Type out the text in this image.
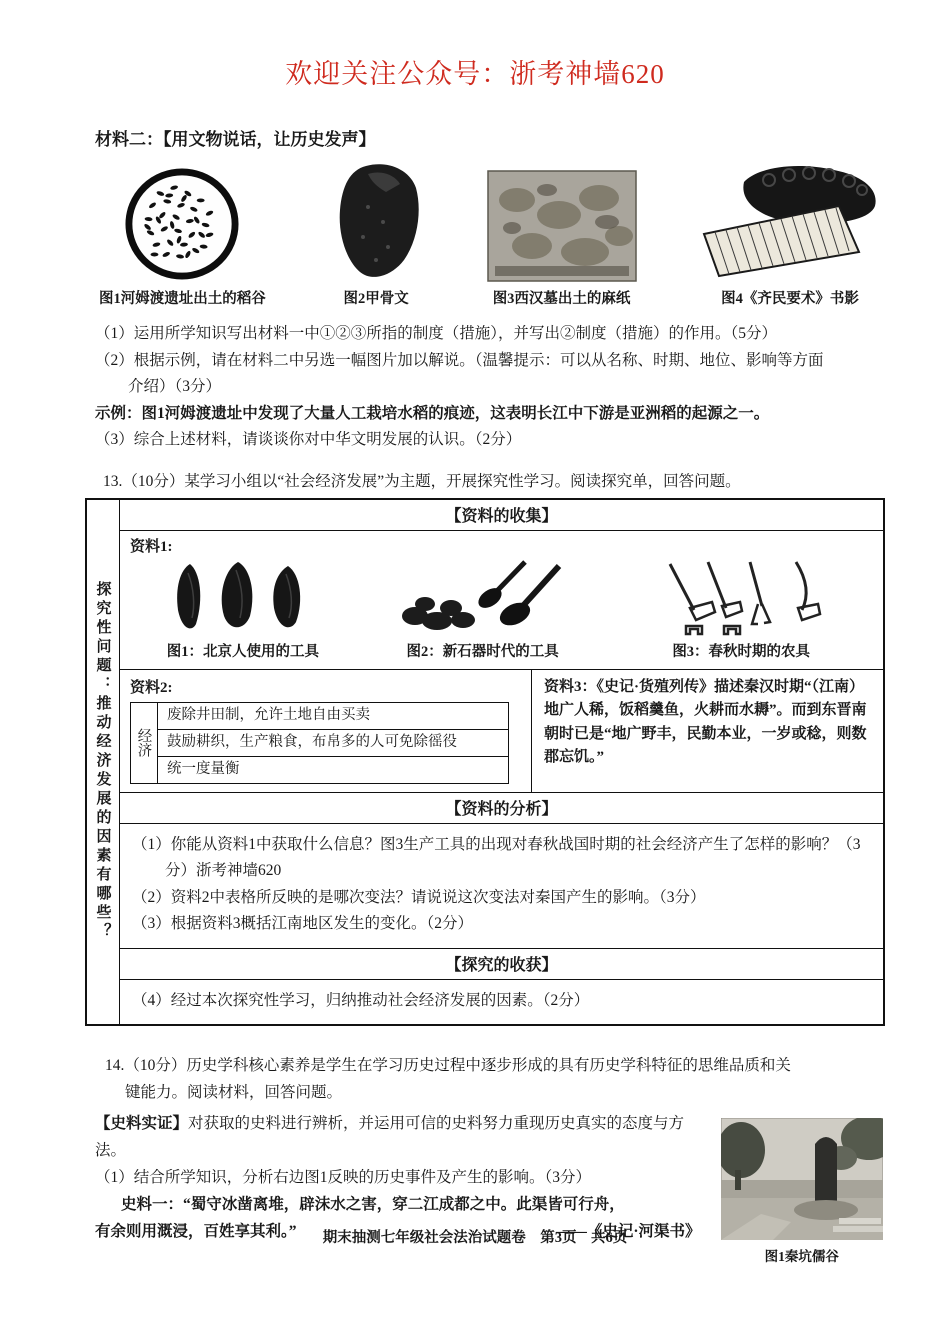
欢迎关注公众号：浙考神墙620
材料二：【用文物说话，让历史发声】
图1河姆渡遗址出土的稻谷	图2甲骨文	图3西汉墓出土的麻纸	图4《齐民要术》书影
（1）运用所学知识写出材料一中①②③所指的制度（措施），并写出②制度（措施）的作用。（5分）
（2）根据示例，请在材料二中另选一幅图片加以解说。（温馨提示：可以从名称、时期、地位、影响等方面介绍）（3分）
示例：图1河姆渡遗址中发现了大量人工栽培水稻的痕迹，这表明长江中下游是亚洲稻的起源之一。
（3）综合上述材料，请谈谈你对中华文明发展的认识。（2分）
13.（10分）某学习小组以“社会经济发展”为主题，开展探究性学习。阅读探究单，回答问题。
探究性问题：推动经济发展的因素有哪些？
【资料的收集】
资料1:
图1：北京人使用的工具	图2：新石器时代的工具	图3：春秋时期的农具
资料2:
经济
废除井田制，允许土地自由买卖
鼓励耕织，生产粮食，布帛多的人可免除徭役
统一度量衡
资料3：《史记·货殖列传》描述秦汉时期“（江南）地广人稀，饭稻羹鱼，火耕而水耨”。而到东晋南朝时已是“地广野丰，民勤本业，一岁或稔，则数郡忘饥。”
【资料的分析】
（1）你能从资料1中获取什么信息？图3生产工具的出现对春秋战国时期的社会经济产生了怎样的影响？（3分）浙考神墙620
（2）资料2中表格所反映的是哪次变法？请说说这次变法对秦国产生的影响。（3分）
（3）根据资料3概括江南地区发生的变化。（2分）
【探究的收获】
（4）经过本次探究性学习，归纳推动社会经济发展的因素。（2分）
14.（10分）历史学科核心素养是学生在学习历史过程中逐步形成的具有历史学科特征的思维品质和关键能力。阅读材料，回答问题。
【史料实证】对获取的史料进行辨析，并运用可信的史料努力重现历史真实的态度与方法。
（1）结合所学知识，分析右边图1反映的历史事件及产生的影响。（3分）
史料一：“蜀守冰凿离堆，辟沫水之害，穿二江成都之中。此渠皆可行舟，
有余则用溉浸，百姓享其利。”	——《史记·河渠书》
图1秦坑儒谷
期末抽测七年级社会法治试题卷　第3页　共6页
